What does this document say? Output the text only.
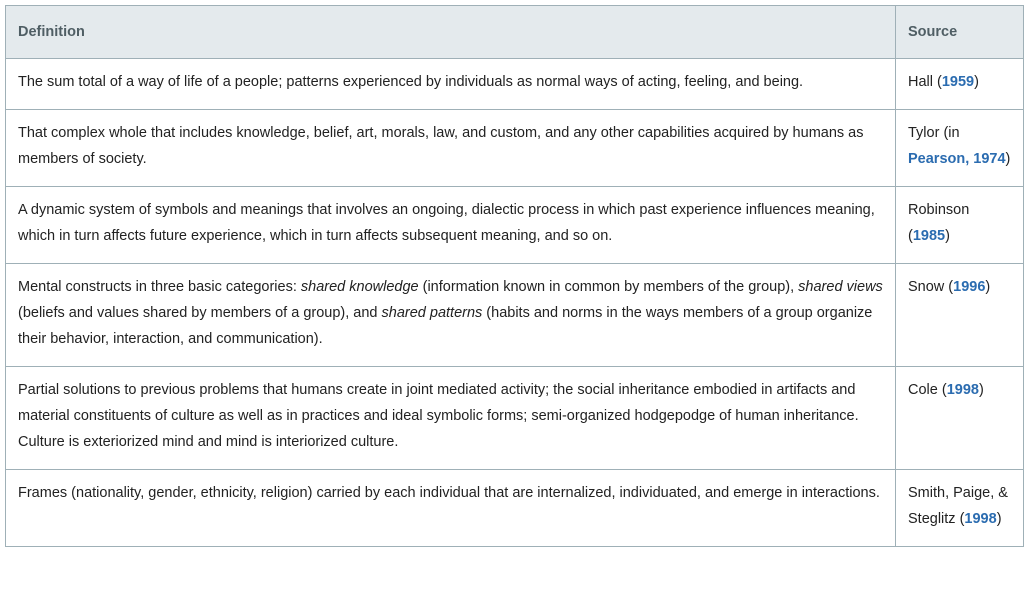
Definition	Source
The sum total of a way of life of a people; patterns experienced by individuals as normal ways of acting, feeling, and being.	Hall (1959)
That complex whole that includes knowledge, belief, art, morals, law, and custom, and any other capabilities acquired by humans as members of society.	Tylor (in Pearson, 1974)
A dynamic system of symbols and meanings that involves an ongoing, dialectic process in which past experience influences meaning, which in turn affects future experience, which in turn affects subsequent meaning, and so on.	Robinson (1985)
Mental constructs in three basic categories: shared knowledge (information known in common by members of the group), shared views (beliefs and values shared by members of a group), and shared patterns (habits and norms in the ways members of a group organize their behavior, interaction, and communication).	Snow (1996)
Partial solutions to previous problems that humans create in joint mediated activity; the social inheritance embodied in artifacts and material constituents of culture as well as in practices and ideal symbolic forms; semi-organized hodgepodge of human inheritance. Culture is exteriorized mind and mind is interiorized culture.	Cole (1998)
Frames (nationality, gender, ethnicity, religion) carried by each individual that are internalized, individuated, and emerge in interactions.	Smith, Paige, & Steglitz (1998)
